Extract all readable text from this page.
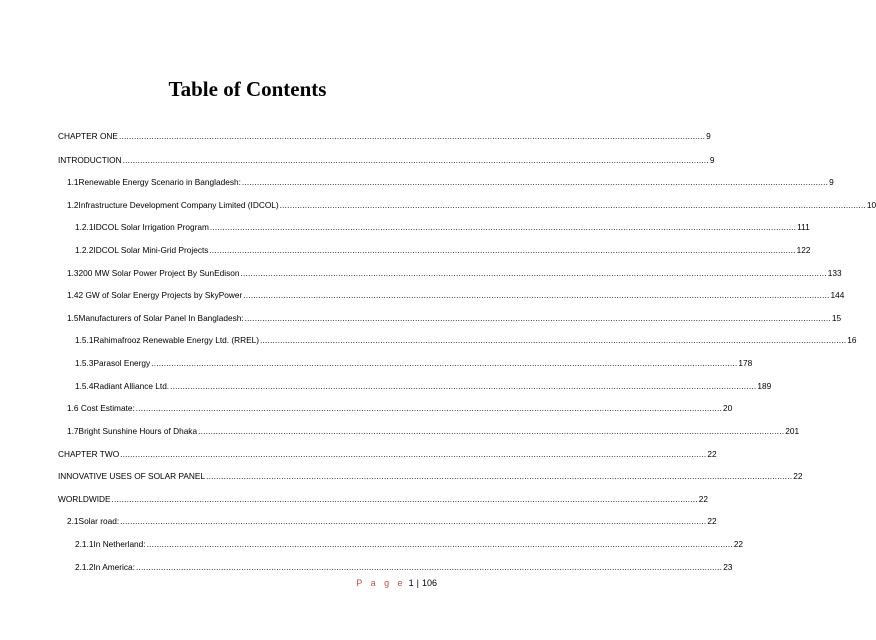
Table of Contents
CHAPTER ONE .....	9
INTRODUCTION .....	9
1.1 Renewable Energy Scenario in Bangladesh: .....	9
1.2 Infrastructure Development Company Limited (IDCOL) .....	10
1.2.1 IDCOL Solar Irrigation Program .....	111
1.2.2 IDCOL Solar Mini-Grid Projects .....	122
1.3 200 MW Solar Power Project By SunEdison .....	133
1.4 2 GW of Solar Energy Projects by SkyPower .....	144
1.5 Manufacturers of Solar Panel In Bangladesh: .....	15
1.5.1 Rahimafrooz Renewable Energy Ltd. (RREL) .....	16
1.5.3 Parasol Energy .....	178
1.5.4 Radiant Alliance Ltd. .....	189
1.6 Cost Estimate: .....	20
1.7 Bright Sunshine Hours of Dhaka .....	201
CHAPTER TWO .....	22
INNOVATIVE USES OF SOLAR PANEL .....	22
WORLDWIDE .....	22
2.1 Solar road: .....	22
2.1.1 In Netherland: .....	22
2.1.2 In America: .....	23
P a g e 1 | 106
